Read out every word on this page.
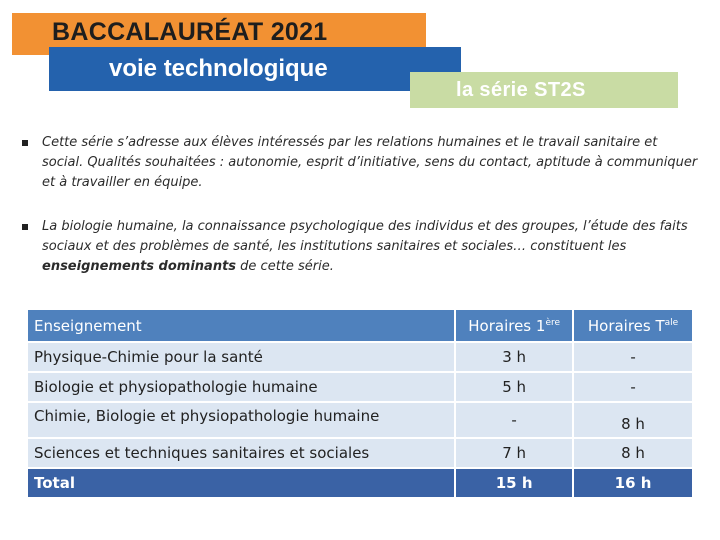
BACCALAURÉAT 2021
voie technologique
la série ST2S
Cette série s’adresse aux élèves intéressés par les relations humaines et le travail sanitaire et social. Qualités souhaitées : autonomie, esprit d’initiative, sens du contact, aptitude à communiquer et à travailler en équipe.
La biologie humaine, la connaissance psychologique des individus et des groupes, l’étude des faits sociaux et des problèmes de santé, les institutions sanitaires et sociales… constituent les enseignements dominants de cette série.
Enseignement	Horaires 1ère	Horaires $T^{ale}$
Physique-Chimie pour la santé	3 h	-
Biologie et physiopathologie humaine	5 h	-
Chimie, Biologie et physiopathologie humaine	-	8 h
Sciences et techniques sanitaires et sociales	7 h	8 h
Total	15 h	16 h
